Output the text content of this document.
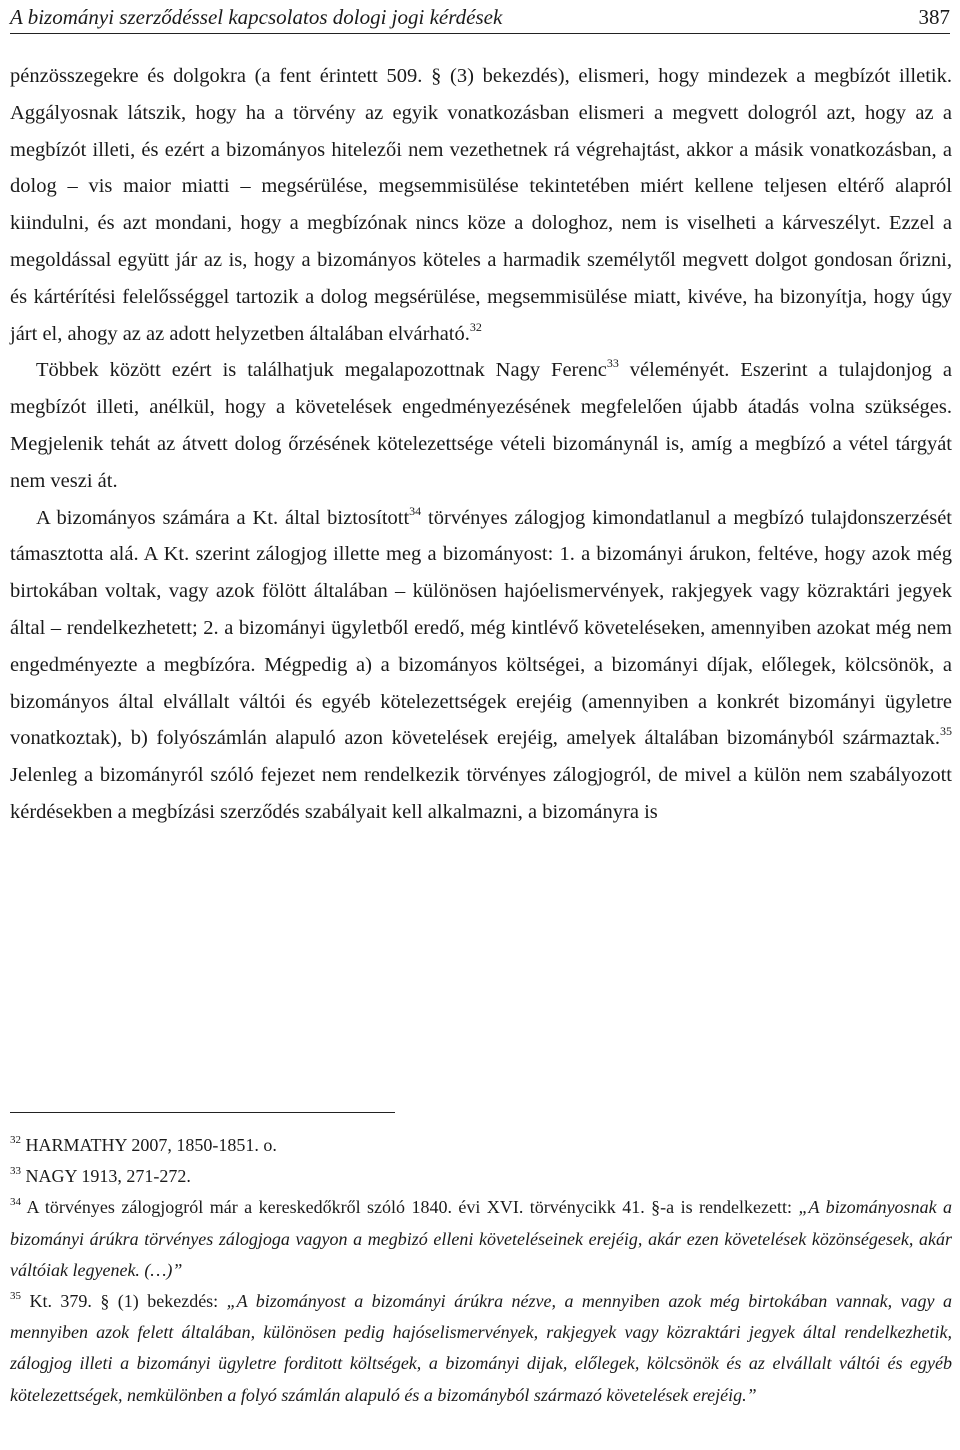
A bizományi szerződéssel kapcsolatos dologi jogi kérdések	387

pénzösszegekre és dolgokra (a fent érintett 509. § (3) bekezdés), elismeri, hogy mindezek a megbízót illetik. Aggályosnak látszik, hogy ha a törvény az egyik vonatkozásban elismeri a megvett dologról azt, hogy az a megbízót illeti, és ezért a bizományos hitelezői nem vezethetnek rá végrehajtást, akkor a másik vonatkozásban, a dolog – vis maior miatti – megsérülése, megsemmisülése tekintetében miért kellene teljesen eltérő alapról kiindulni, és azt mondani, hogy a megbízónak nincs köze a dologhoz, nem is viselheti a kárveszélyt. Ezzel a megoldással együtt jár az is, hogy a bizományos köteles a harmadik személytől megvett dolgot gondosan őrizni, és kártérítési felelősséggel tartozik a dolog megsérülése, megsemmisülése miatt, kivéve, ha bizonyítja, hogy úgy járt el, ahogy az az adott helyzetben általában elvárható.$^{32}$

Többek között ezért is találhatjuk megalapozottnak Nagy Ferenc$^{33}$ véleményét. Eszerint a tulajdonjog a megbízót illeti, anélkül, hogy a követelések engedményezésének megfelelően újabb átadás volna szükséges. Megjelenik tehát az átvett dolog őrzésének kötelezettsége vételi bizománynál is, amíg a megbízó a vétel tárgyát nem veszi át.

A bizományos számára a Kt. által biztosított$^{34}$ törvényes zálogjog kimondatlanul a megbízó tulajdonszerzését támasztotta alá. A Kt. szerint zálogjog illette meg a bizományost: 1. a bizományi árukon, feltéve, hogy azok még birtokában voltak, vagy azok fölött általában – különösen hajóelismervények, rakjegyek vagy közraktári jegyek által – rendelkezhetett; 2. a bizományi ügyletből eredő, még kintlévő követeléseken, amennyiben azokat még nem engedményezte a megbízóra. Mégpedig a) a bizományos költségei, a bizományi díjak, előlegek, kölcsönök, a bizományos által elvállalt váltói és egyéb kötelezettségek erejéig (amennyiben a konkrét bizományi ügyletre vonatkoztak), b) folyószámlán alapuló azon követelések erejéig, amelyek általában bizományból származtak.$^{35}$ Jelenleg a bizományról szóló fejezet nem rendelkezik törvényes zálogjogról, de mivel a külön nem szabályozott kérdésekben a megbízási szerződés szabályait kell alkalmazni, a bizományra is

$^{32}$ HARMATHY 2007, 1850-1851. o.

$^{33}$ NAGY 1913, 271-272.

$^{34}$ A törvényes zálogjogról már a kereskedőkről szóló 1840. évi XVI. törvénycikk 41. §-a is rendelkezett: „A bizományosnak a bizományi árúkra törvényes zálogjoga vagyon a megbizó elleni követeléseinek erejéig, akár ezen követelések közönségesek, akár váltóiak legyenek. (…)”

$^{35}$ Kt. 379. § (1) bekezdés: „A bizományost a bizományi árúkra nézve, a mennyiben azok még birtokában vannak, vagy a mennyiben azok felett általában, különösen pedig hajóselismervények, rakjegyek vagy közraktári jegyek által rendelkezhetik, zálogjog illeti a bizományi ügyletre forditott költségek, a bizományi dijak, előlegek, kölcsönök és az elvállalt váltói és egyéb kötelezettségek, nemkülönben a folyó számlán alapuló és a bizományból származó követelések erejéig.”
